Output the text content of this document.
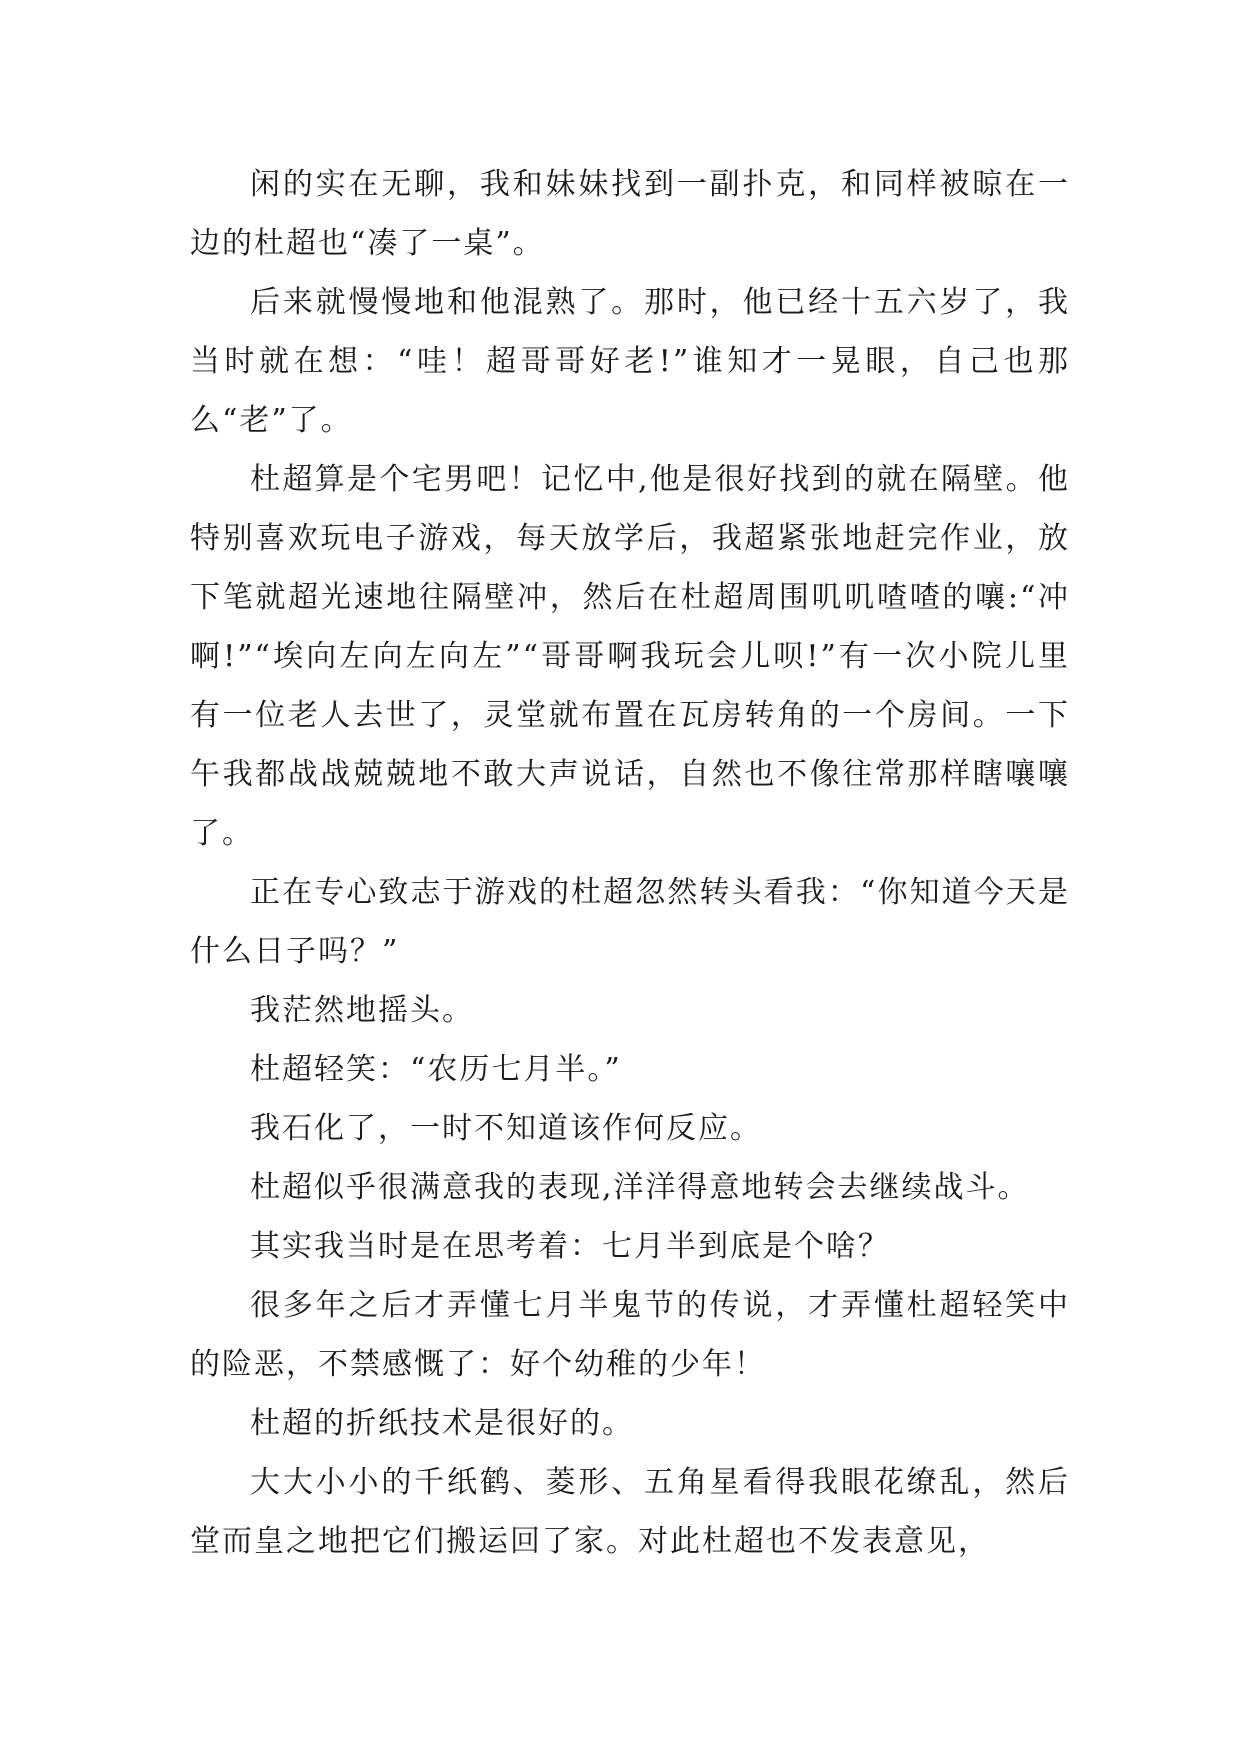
闲的实在无聊，我和妹妹找到一副扑克，和同样被晾在一边的杜超也“凑了一桌”。

后来就慢慢地和他混熟了。那时，他已经十五六岁了，我当时就在想：“哇！超哥哥好老!”谁知才一晃眼，自己也那么“老”了。

杜超算是个宅男吧！记忆中,他是很好找到的就在隔壁。他特别喜欢玩电子游戏，每天放学后，我超紧张地赶完作业，放下笔就超光速地往隔壁冲，然后在杜超周围叽叽喳喳的嚷:“冲啊!”“埃向左向左向左”“哥哥啊我玩会儿呗!”有一次小院儿里有一位老人去世了，灵堂就布置在瓦房转角的一个房间。一下午我都战战兢兢地不敢大声说话，自然也不像往常那样瞎嚷嚷了。

正在专心致志于游戏的杜超忽然转头看我：“你知道今天是什么日子吗？”

我茫然地摇头。

杜超轻笑：“农历七月半。”

我石化了，一时不知道该作何反应。

杜超似乎很满意我的表现,洋洋得意地转会去继续战斗。

其实我当时是在思考着：七月半到底是个啥？

很多年之后才弄懂七月半鬼节的传说，才弄懂杜超轻笑中的险恶，不禁感慨了：好个幼稚的少年！

杜超的折纸技术是很好的。

大大小小的千纸鹤、菱形、五角星看得我眼花缭乱，然后堂而皇之地把它们搬运回了家。对此杜超也不发表意见，
